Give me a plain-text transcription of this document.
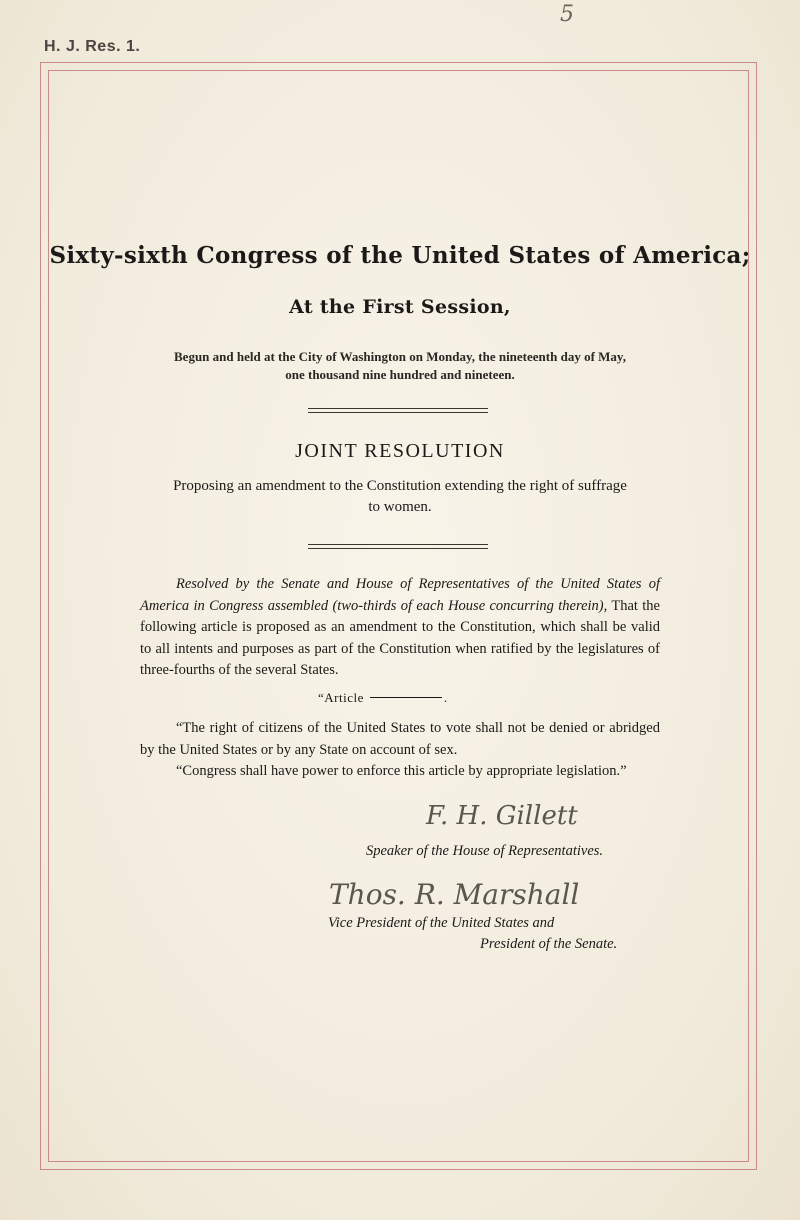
H. J. Res. 1.
5
Sixty-sixth Congress of the United States of America;
At the First Session,
Begun and held at the City of Washington on Monday, the nineteenth day of May,
one thousand nine hundred and nineteen.
JOINT RESOLUTION
Proposing an amendment to the Constitution extending the right of suffrage
to women.
Resolved by the Senate and House of Representatives of the United States of America in Congress assembled (two-thirds of each House concurring therein), That the following article is proposed as an amendment to the Constitution, which shall be valid to all intents and purposes as part of the Constitution when ratified by the legislatures of three-fourths of the several States.
“Article	.
“The right of citizens of the United States to vote shall not be denied or abridged by the United States or by any State on account of sex.
“Congress shall have power to enforce this article by appropriate legislation.”
F. H. Gillett
Speaker of the House of Representatives.
Thos. R. Marshall
Vice President of the United States and
President of the Senate.
